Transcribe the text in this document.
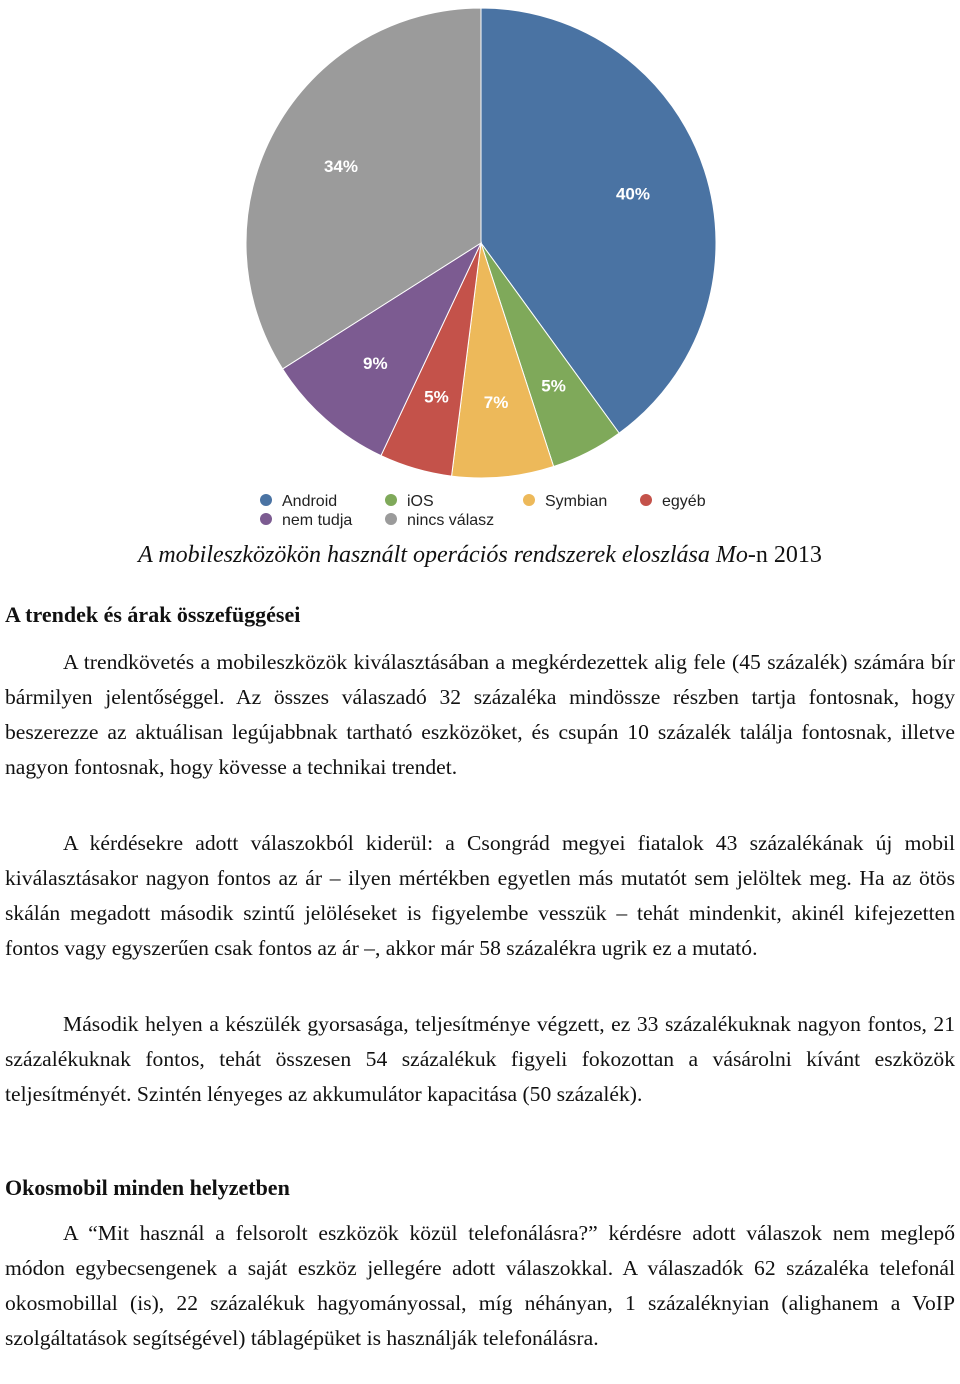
40%
5%
7%
5%
9%
34%
Android	iOS	Symbian	egyéb
nem tudja	nincs válasz
A mobileszközökön használt operációs rendszerek eloszlása Mo-n 2013
A trendek és árak összefüggései

A trendkövetés a mobileszközök kiválasztásában a megkérdezettek alig fele (45 százalék) számára bír bármilyen jelentőséggel. Az összes válaszadó 32 százaléka mindössze részben tartja fontosnak, hogy beszerezze az aktuálisan legújabbnak tartható eszközöket, és csupán 10 százalék találja fontosnak, illetve nagyon fontosnak, hogy kövesse a technikai trendet.

A kérdésekre adott válaszokból kiderül: a Csongrád megyei fiatalok 43 százalékának új mobil kiválasztásakor nagyon fontos az ár – ilyen mértékben egyetlen más mutatót sem jelöltek meg. Ha az ötös skálán megadott második szintű jelöléseket is figyelembe vesszük – tehát mindenkit, akinél kifejezetten fontos vagy egyszerűen csak fontos az ár –, akkor már 58 százalékra ugrik ez a mutató.

Második helyen a készülék gyorsasága, teljesítménye végzett, ez 33 százalékuknak nagyon fontos, 21 százalékuknak fontos, tehát összesen 54 százalékuk figyeli fokozottan a vásárolni kívánt eszközök teljesítményét. Szintén lényeges az akkumulátor kapacitása (50 százalék).

Okosmobil minden helyzetben

A “Mit használ a felsorolt eszközök közül telefonálásra?” kérdésre adott válaszok nem meglepő módon egybecsengenek a saját eszköz jellegére adott válaszokkal. A válaszadók 62 százaléka telefonál okosmobillal (is), 22 százalékuk hagyományossal, míg néhányan, 1 százaléknyian (alighanem a VoIP szolgáltatások segítségével) táblagépüket is használják telefonálásra.
